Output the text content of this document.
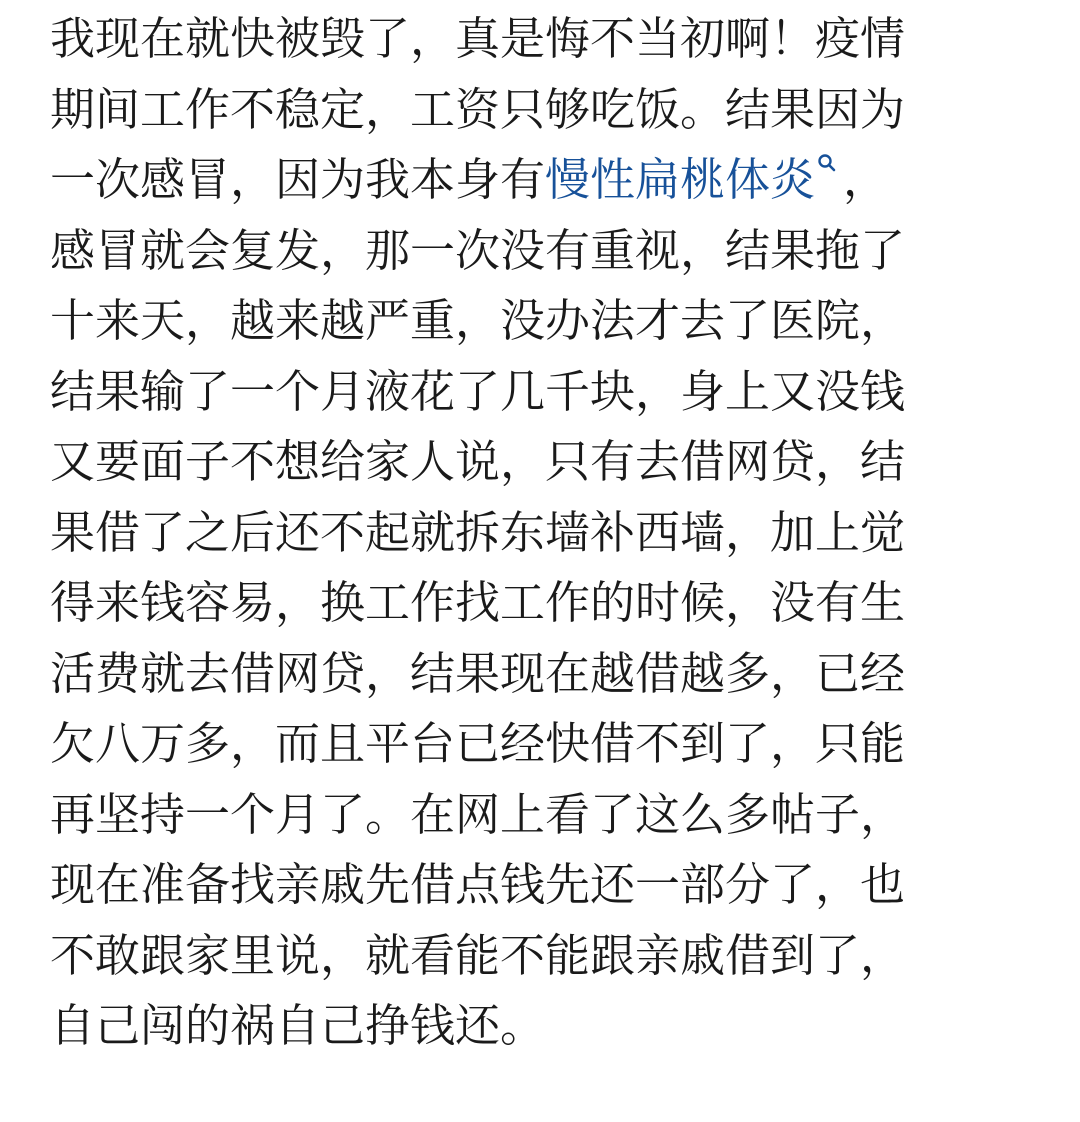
我现在就快被毁了，真是悔不当初啊！疫情
期间工作不稳定，工资只够吃饭。结果因为
一次感冒，因为我本身有慢性扁桃体炎 ，
感冒就会复发，那一次没有重视，结果拖了
十来天，越来越严重，没办法才去了医院，
结果输了一个月液花了几千块，身上又没钱
又要面子不想给家人说，只有去借网贷，结
果借了之后还不起就拆东墙补西墙，加上觉
得来钱容易，换工作找工作的时候，没有生
活费就去借网贷，结果现在越借越多，已经
欠八万多，而且平台已经快借不到了，只能
再坚持一个月了。在网上看了这么多帖子，
现在准备找亲戚先借点钱先还一部分了，也
不敢跟家里说，就看能不能跟亲戚借到了，
自己闯的祸自己挣钱还。
